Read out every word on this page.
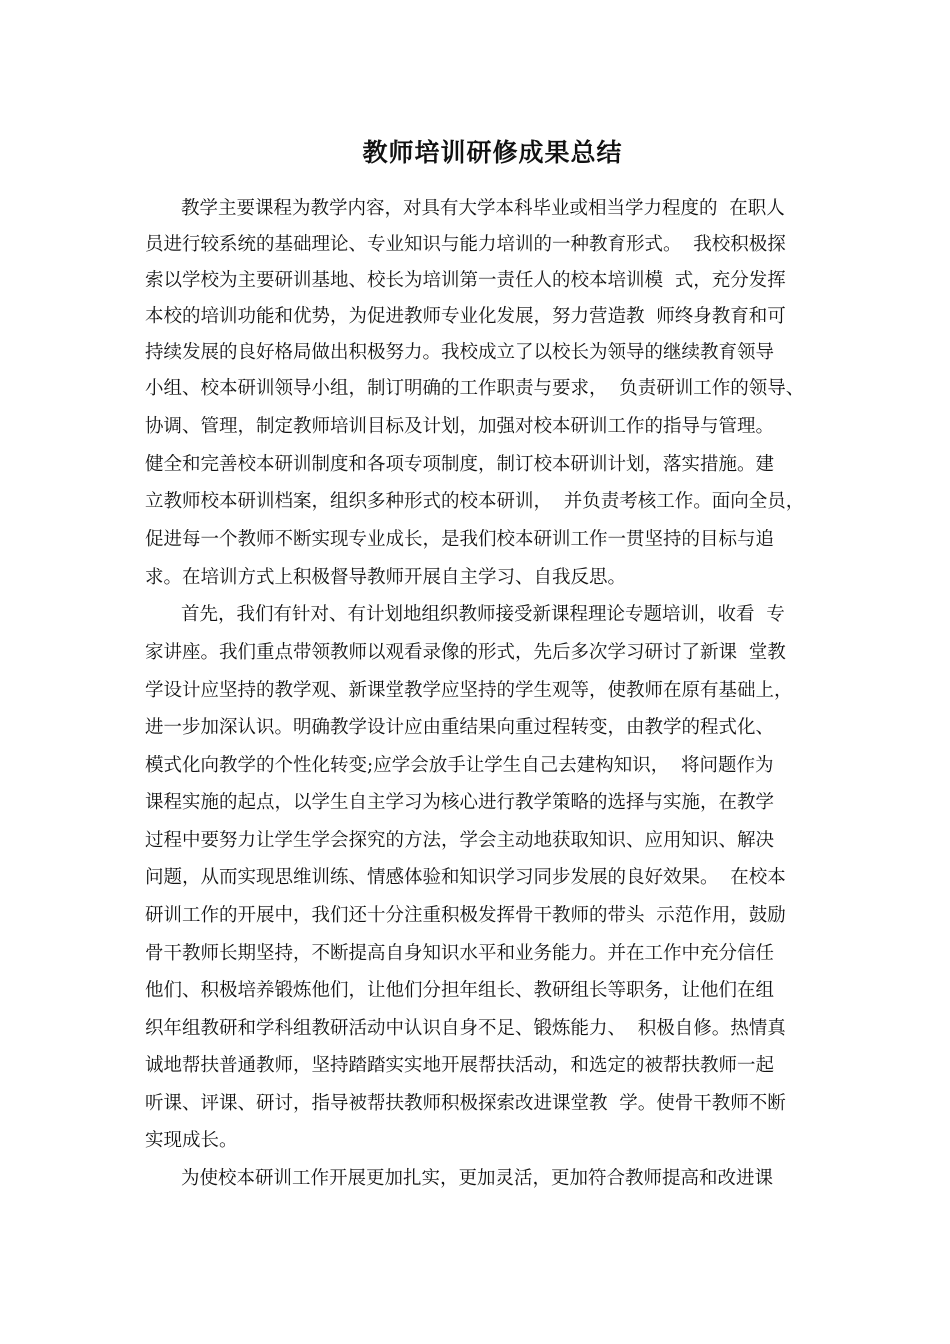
教师培训研修成果总结
教学主要课程为教学内容，对具有大学本科毕业或相当学力程度的  在职人
员进行较系统的基础理论、专业知识与能力培训的一种教育形式。  我校积极探
索以学校为主要研训基地、校长为培训第一责任人的校本培训模  式，充分发挥
本校的培训功能和优势，为促进教师专业化发展，努力营造教  师终身教育和可
持续发展的良好格局做出积极努力。我校成立了以校长为领导的继续教育领导
小组、校本研训领导小组，制订明确的工作职责与要求，  负责研训工作的领导、
协调、管理，制定教师培训目标及计划，加强对校本研训工作的指导与管理。
健全和完善校本研训制度和各项专项制度，制订校本研训计划，落实措施。建
立教师校本研训档案，组织多种形式的校本研训，  并负责考核工作。面向全员，
促进每一个教师不断实现专业成长，是我们校本研训工作一贯坚持的目标与追
求。在培训方式上积极督导教师开展自主学习、自我反思。
首先，我们有针对、有计划地组织教师接受新课程理论专题培训，收看  专
家讲座。我们重点带领教师以观看录像的形式，先后多次学习研讨了新课  堂教
学设计应坚持的教学观、新课堂教学应坚持的学生观等，使教师在原有基础上，
进一步加深认识。明确教学设计应由重结果向重过程转变，由教学的程式化、
模式化向教学的个性化转变;应学会放手让学生自己去建构知识，  将问题作为
课程实施的起点，以学生自主学习为核心进行教学策略的选择与实施，在教学
过程中要努力让学生学会探究的方法，学会主动地获取知识、应用知识、解决
问题，从而实现思维训练、情感体验和知识学习同步发展的良好效果。  在校本
研训工作的开展中，我们还十分注重积极发挥骨干教师的带头  示范作用，鼓励
骨干教师长期坚持，不断提高自身知识水平和业务能力。并在工作中充分信任
他们、积极培养锻炼他们，让他们分担年组长、教研组长等职务，让他们在组
织年组教研和学科组教研活动中认识自身不足、锻炼能力、  积极自修。热情真
诚地帮扶普通教师，坚持踏踏实实地开展帮扶活动，和选定的被帮扶教师一起
听课、评课、研讨，指导被帮扶教师积极探索改进课堂教  学。使骨干教师不断
实现成长。
为使校本研训工作开展更加扎实，更加灵活，更加符合教师提高和改进课
